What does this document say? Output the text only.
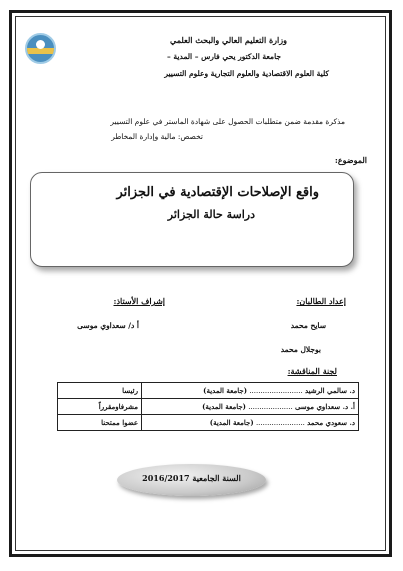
وزارة التعليم العالي والبحث العلمي
جامعة الدكتور يحي فارس – المدية –
كلية العلوم الاقتصادية والعلوم التجارية وعلوم التسيير
مذكرة مقدمة ضمن متطلبات الحصول على شهادة الماستر في علوم التسيير
تخصص: مالية وإدارة المخاطر
الموضوع:
واقع الإصلاحات الإقتصادية في الجزائر
دراسة حالة الجزائر
إعداد الطالبان:
سايح محمد
بوجلال محمد
إشراف الأستاذ:
أ د/ سعداوي موسى
لجنة المناقشة:
د. سالمي الرشيد ........................ (جامعة المدية)	رئيسا
أ. د. سعداوي موسى .................... (جامعة المدية)	مشرفاومقرراً
د. سعودي محمد ...................... (جامعة المدية)	عضوا ممتحنا
السنة الجامعية 2016/2017
